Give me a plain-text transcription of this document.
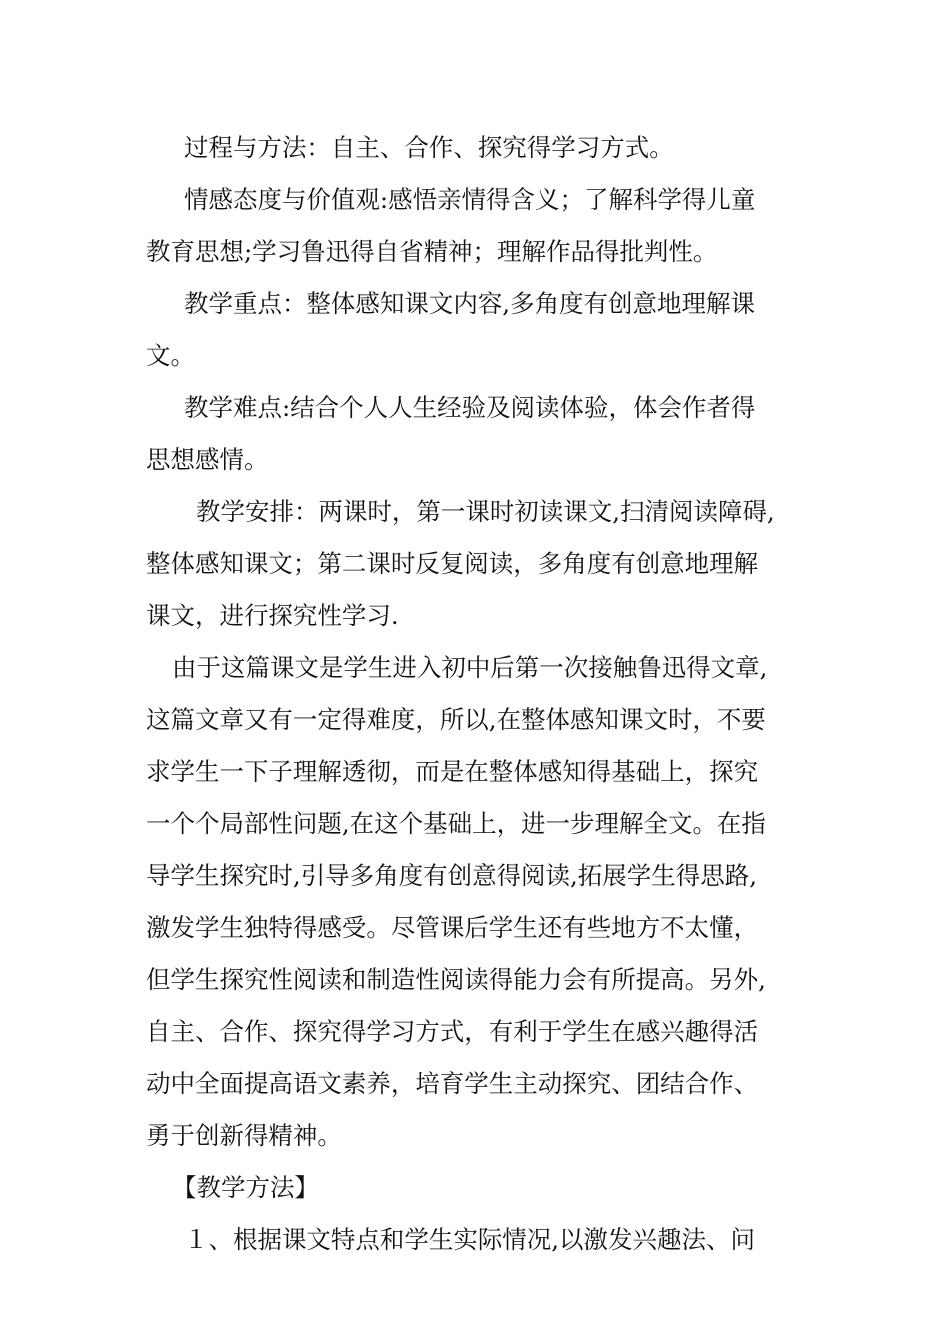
过程与方法：自主、合作、探究得学习方式。
情感态度与价值观:感悟亲情得含义；了解科学得儿童
教育思想;学习鲁迅得自省精神；理解作品得批判性。
教学重点：整体感知课文内容,多角度有创意地理解课
文。
教学难点:结合个人人生经验及阅读体验，体会作者得
思想感情。
教学安排：两课时，第一课时初读课文,扫清阅读障碍,
整体感知课文；第二课时反复阅读，多角度有创意地理解
课文，进行探究性学习.
由于这篇课文是学生进入初中后第一次接触鲁迅得文章,
这篇文章又有一定得难度，所以,在整体感知课文时，不要
求学生一下子理解透彻，而是在整体感知得基础上，探究
一个个局部性问题,在这个基础上，进一步理解全文。在指
导学生探究时,引导多角度有创意得阅读,拓展学生得思路,
激发学生独特得感受。尽管课后学生还有些地方不太懂，
但学生探究性阅读和制造性阅读得能力会有所提高。另外,
自主、合作、探究得学习方式，有利于学生在感兴趣得活
动中全面提高语文素养，培育学生主动探究、团结合作、
勇于创新得精神。
【教学方法】
１、根据课文特点和学生实际情况,以激发兴趣法、问
